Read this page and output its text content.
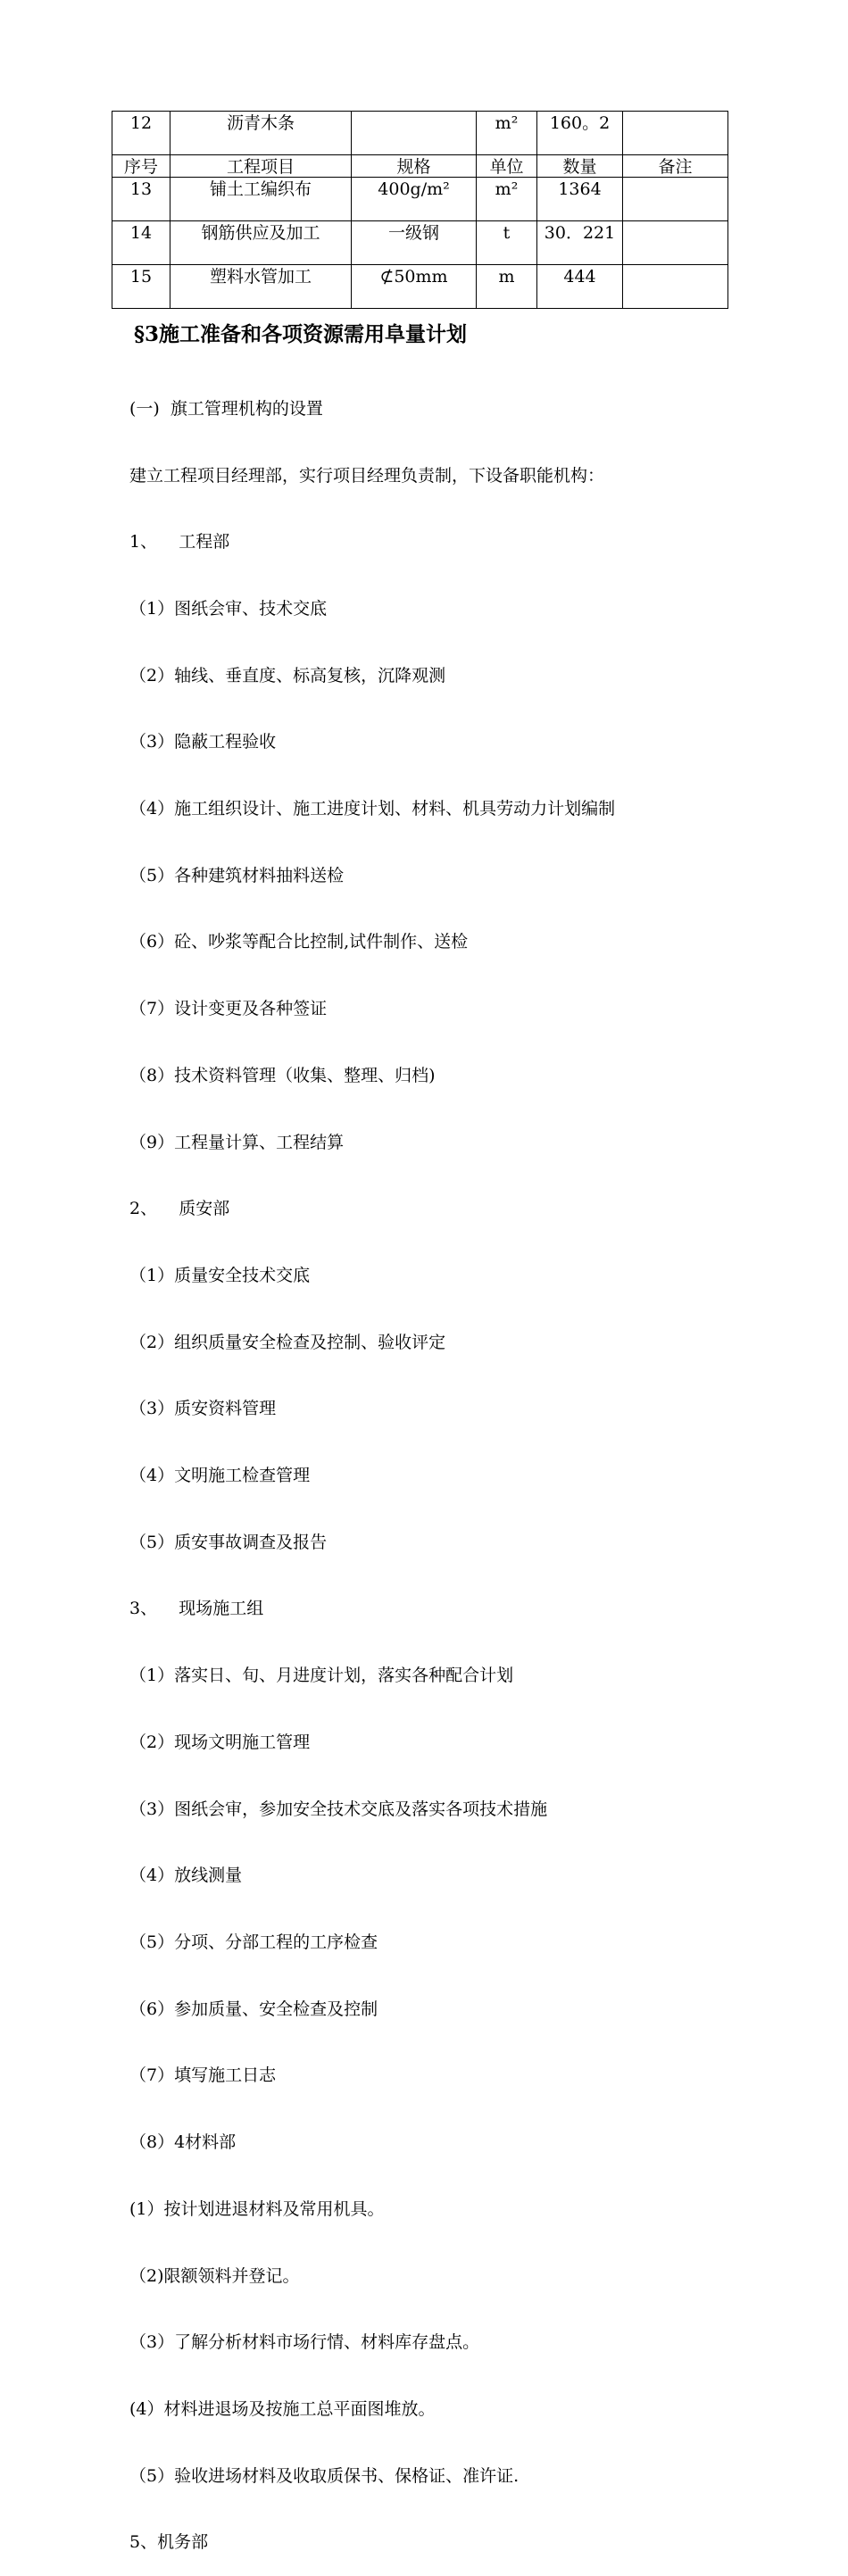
12	沥青木条		m²	160。2	
序号	工程项目	规格	单位	数量	备注
13	铺土工编织布	400g/m²	m²	1364	
14	钢筋供应及加工	一级钢	t	30．221	
15	塑料水管加工	⊄50mm	m	444	
§3施工准备和各项资源需用阜量计划

(一)  旗工管理机构的设置

建立工程项目经理部，实行项目经理负责制，下设备职能机构：

1、    工程部

（1）图纸会审、技术交底

（2）轴线、垂直度、标高复核，沉降观测

（3）隐蔽工程验收

（4）施工组织设计、施工进度计划、材料、机具劳动力计划编制

（5）各种建筑材料抽料送检

（6）砼、吵浆等配合比控制,试件制作、送检

（7）设计变更及各种签证

（8）技术资料管理（收集、整理、归档)

（9）工程量计算、工程结算

2、    质安部

（1）质量安全技术交底

（2）组织质量安全检查及控制、验收评定

（3）质安资料管理

（4）文明施工检查管理

（5）质安事故调查及报告

3、    现场施工组

（1）落实日、旬、月进度计划，落实各种配合计划

（2）现场文明施工管理

（3）图纸会审，参加安全技术交底及落实各项技术措施

（4）放线测量

（5）分项、分部工程的工序检查

（6）参加质量、安全检查及控制

（7）填写施工日志

（8）4材料部

(1）按计划进退材料及常用机具。

（2)限额领料并登记。

（3）了解分析材料市场行情、材料库存盘点。

(4）材料进退场及按施工总平面图堆放。

（5）验收进场材料及收取质保书、保格证、准许证.

5、机务部
